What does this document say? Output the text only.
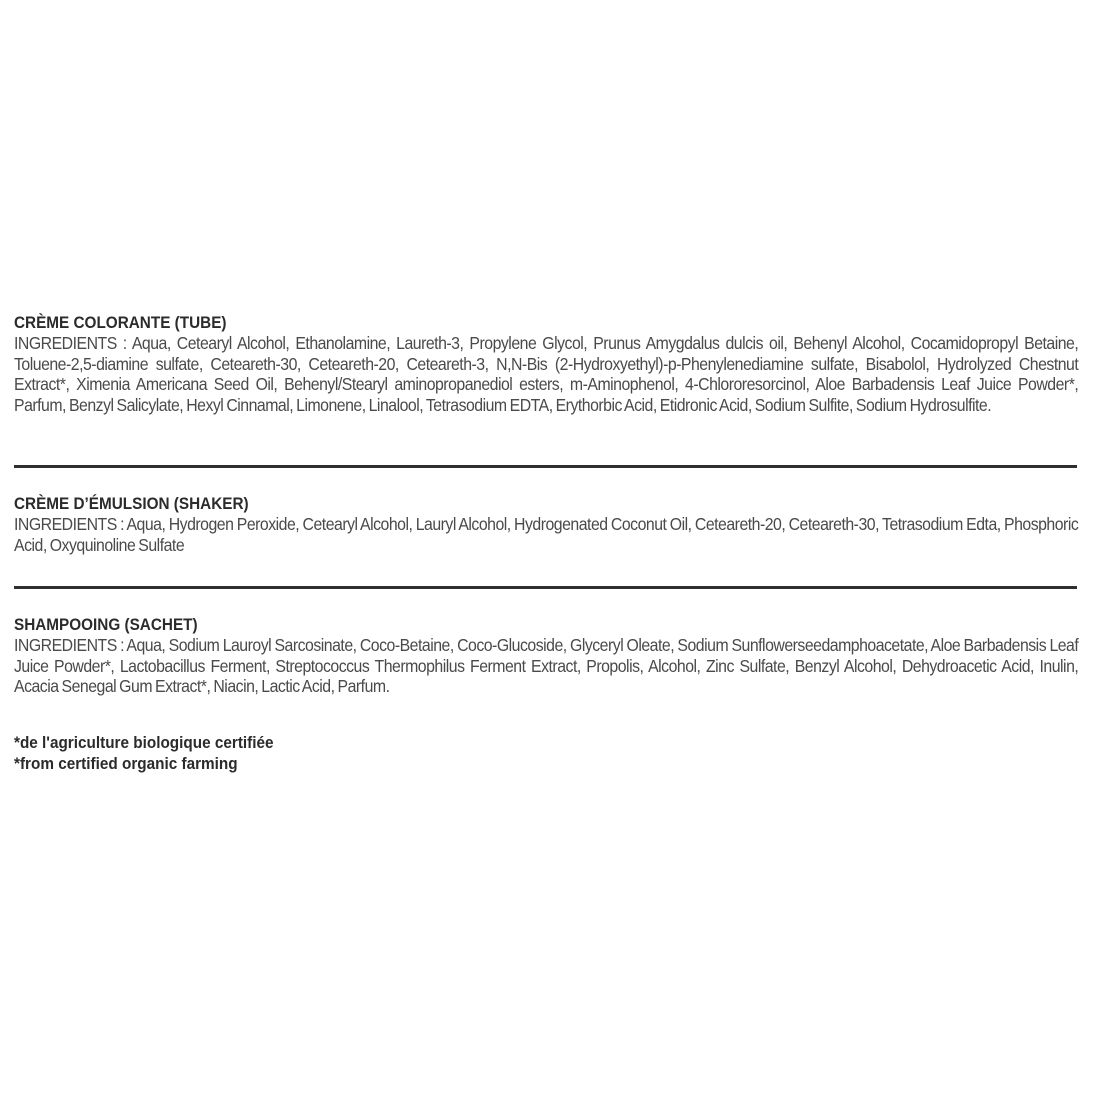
CRÈME COLORANTE (TUBE)

INGREDIENTS : Aqua, Cetearyl Alcohol, Ethanolamine, Laureth-3, Propylene Glycol, Prunus Amygdalus dulcis oil, Behenyl Alcohol, Cocamidopropyl Betaine, Toluene-2,5-diamine sulfate, Ceteareth-30, Ceteareth-20, Ceteareth-3, N,N-Bis (2-Hydroxyethyl)-p-Phenylenediamine sulfate, Bisabolol, Hydrolyzed Chestnut Extract*, Ximenia Americana Seed Oil, Behenyl/Stearyl aminopropanediol esters, m-Aminophenol, 4-Chlororesorcinol, Aloe Barbadensis Leaf Juice Powder*, Parfum, Benzyl Salicylate, Hexyl Cinnamal, Limonene, Linalool, Tetrasodium EDTA, Erythorbic Acid, Etidronic Acid, Sodium Sulfite, Sodium Hydrosulfite.

CRÈME D’ÉMULSION (SHAKER)

INGREDIENTS : Aqua, Hydrogen Peroxide, Cetearyl Alcohol, Lauryl Alcohol, Hydrogenated Coconut Oil, Ceteareth-20, Ceteareth-30, Tetrasodium Edta, Phosphoric Acid, Oxyquinoline Sulfate

SHAMPOOING (SACHET)

INGREDIENTS : Aqua, Sodium Lauroyl Sarcosinate, Coco-Betaine, Coco-Glucoside, Glyceryl Oleate, Sodium Sunflowerseedamphoacetate, Aloe Barbadensis Leaf Juice Powder*, Lactobacillus Ferment, Streptococcus Thermophilus Ferment Extract, Propolis, Alcohol, Zinc Sulfate, Benzyl Alcohol, Dehydroacetic Acid, Inulin, Acacia Senegal Gum Extract*, Niacin, Lactic Acid, Parfum.

*de l'agriculture biologique certifiée

*from certified organic farming
